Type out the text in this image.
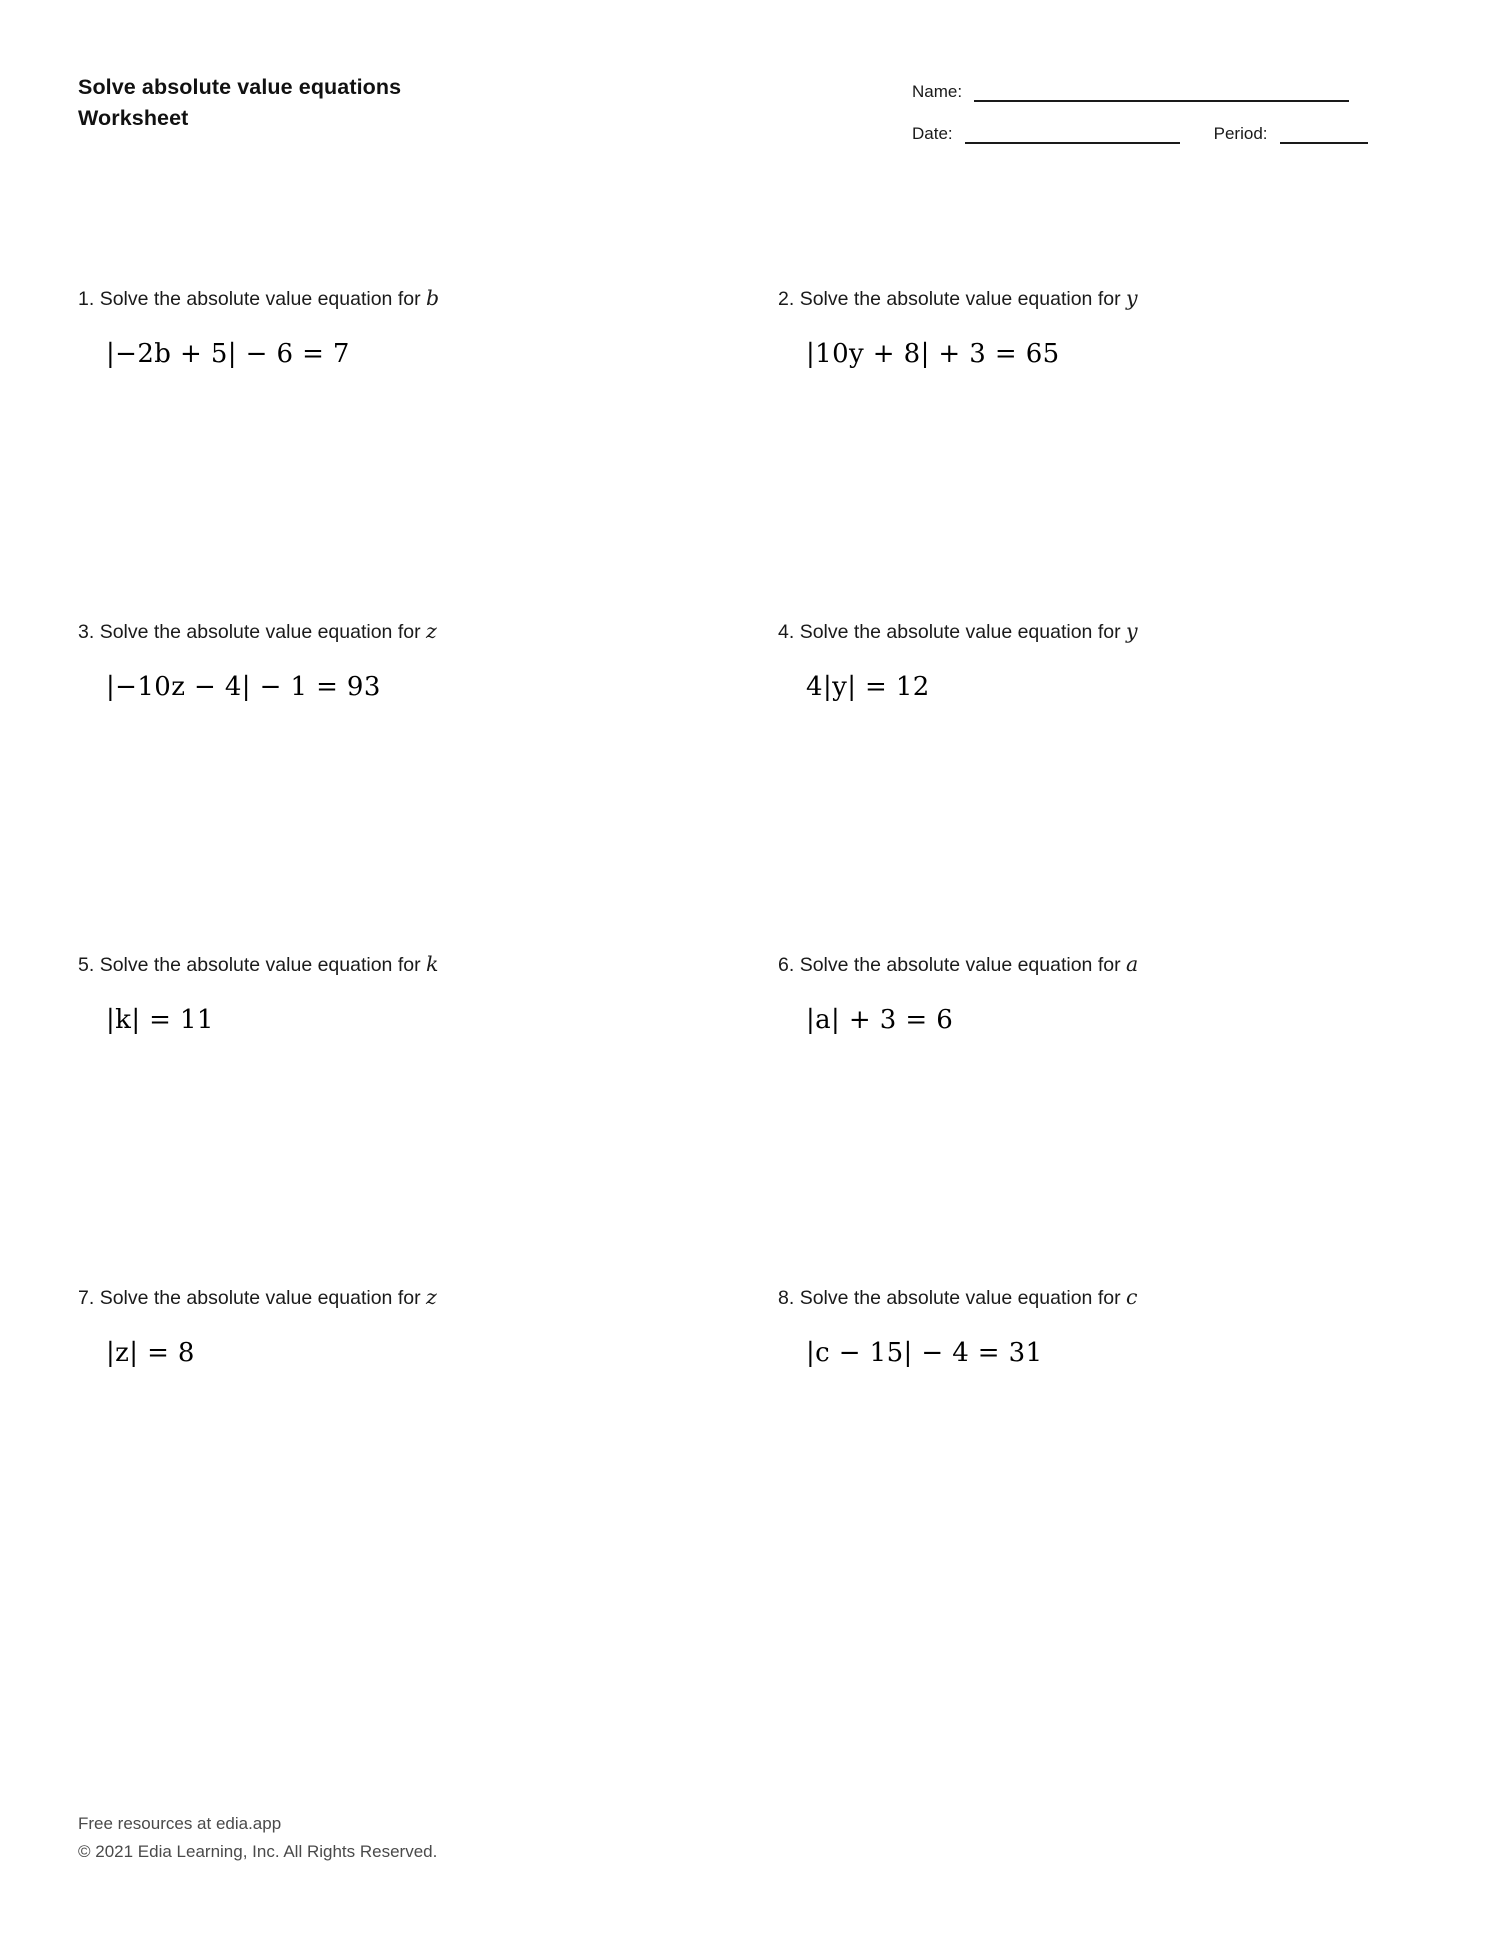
Solve absolute value equations
Worksheet
Name:
Date:	Period:
1. Solve the absolute value equation for b
|−2b + 5| − 6 = 7
2. Solve the absolute value equation for y
|10y + 8| + 3 = 65
3. Solve the absolute value equation for z
|−10z − 4| − 1 = 93
4. Solve the absolute value equation for y
4|y| = 12
5. Solve the absolute value equation for k
|k| = 11
6. Solve the absolute value equation for a
|a| + 3 = 6
7. Solve the absolute value equation for z
|z| = 8
8. Solve the absolute value equation for c
|c − 15| − 4 = 31
Free resources at edia.app
© 2021 Edia Learning, Inc. All Rights Reserved.
